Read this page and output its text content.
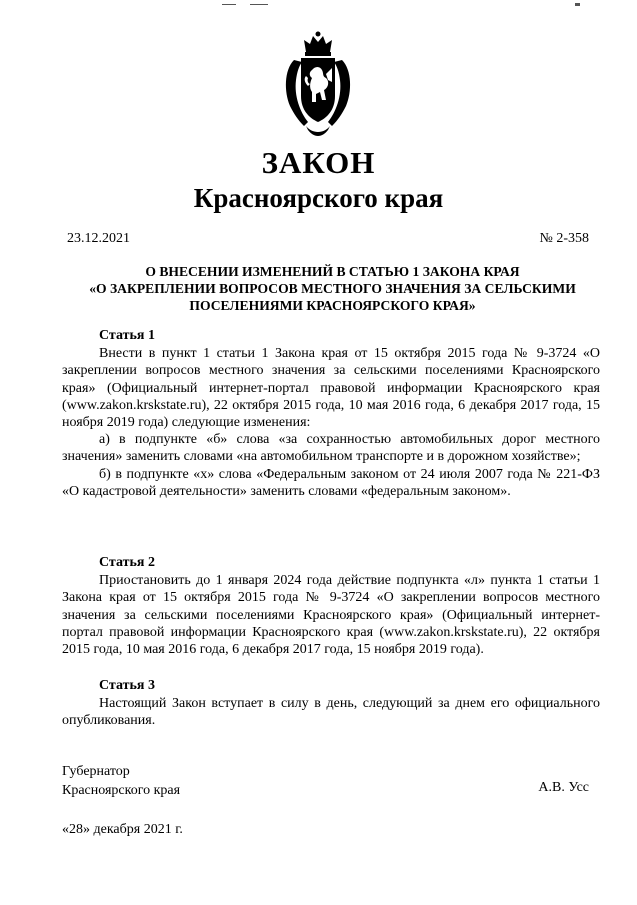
ЗАКОН
Красноярского края
23.12.2021	№ 2-358
О ВНЕСЕНИИ ИЗМЕНЕНИЙ В СТАТЬЮ 1 ЗАКОНА КРАЯ
«О ЗАКРЕПЛЕНИИ ВОПРОСОВ МЕСТНОГО ЗНАЧЕНИЯ ЗА СЕЛЬСКИМИ
ПОСЕЛЕНИЯМИ КРАСНОЯРСКОГО КРАЯ»
Статья 1

Внести в пункт 1 статьи 1 Закона края от 15 октября 2015 года № 9-3724 «О закреплении вопросов местного значения за сельскими поселениями Красноярского края» (Официальный интернет-портал правовой информации Красноярского края (www.zakon.krskstate.ru), 22 октября 2015 года, 10 мая 2016 года, 6 декабря 2017 года, 15 ноября 2019 года) следующие изменения:

а) в подпункте «б» слова «за сохранностью автомобильных дорог местного значения» заменить словами «на автомобильном транспорте и в дорожном хозяйстве»;

б) в подпункте «х» слова «Федеральным законом от 24 июля 2007 года № 221-ФЗ «О кадастровой деятельности» заменить словами «федеральным законом».

Статья 2

Приостановить до 1 января 2024 года действие подпункта «л» пункта 1 статьи 1 Закона края от 15 октября 2015 года № 9-3724 «О закреплении вопросов местного значения за сельскими поселениями Красноярского края» (Официальный интернет-портал правовой информации Красноярского края (www.zakon.krskstate.ru), 22 октября 2015 года, 10 мая 2016 года, 6 декабря 2017 года, 15 ноября 2019 года).

Статья 3

Настоящий Закон вступает в силу в день, следующий за днем его официального опубликования.

Губернатор
Красноярского края	А.В. Усс
«28» декабря 2021 г.
